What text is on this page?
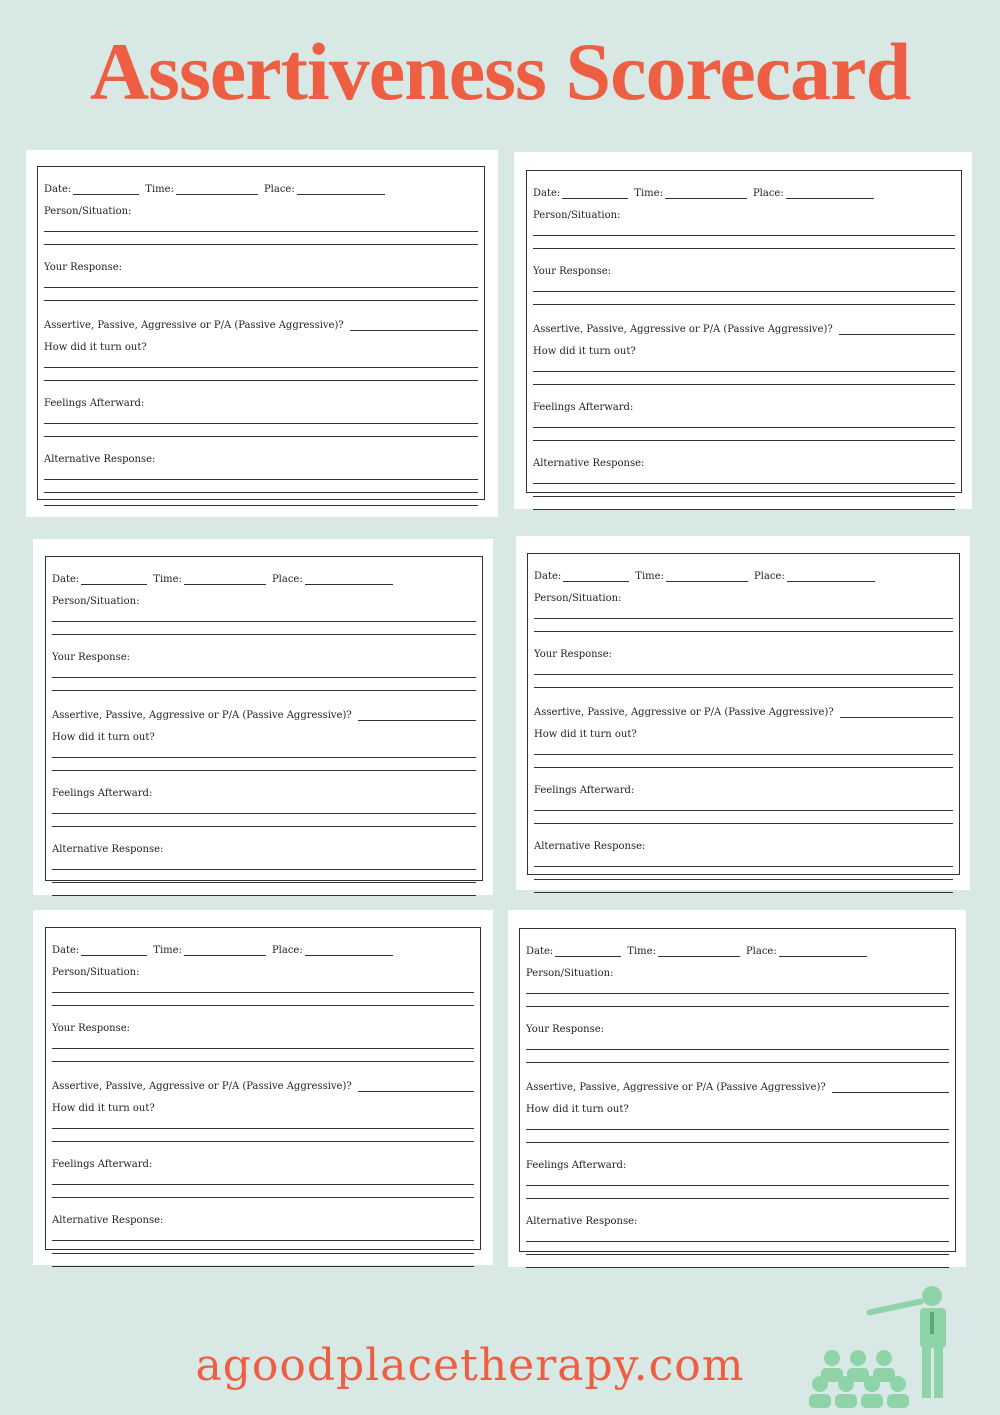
Assertiveness Scorecard
Date:	Time:	Place:
Person/Situation:
Your Response:
Assertive, Passive, Aggressive or P/A (Passive Aggressive)?
How did it turn out?
Feelings Afterward:
Alternative Response:
Date:	Time:	Place:
Person/Situation:
Your Response:
Assertive, Passive, Aggressive or P/A (Passive Aggressive)?
How did it turn out?
Feelings Afterward:
Alternative Response:
Date:	Time:	Place:
Person/Situation:
Your Response:
Assertive, Passive, Aggressive or P/A (Passive Aggressive)?
How did it turn out?
Feelings Afterward:
Alternative Response:
Date:	Time:	Place:
Person/Situation:
Your Response:
Assertive, Passive, Aggressive or P/A (Passive Aggressive)?
How did it turn out?
Feelings Afterward:
Alternative Response:
Date:	Time:	Place:
Person/Situation:
Your Response:
Assertive, Passive, Aggressive or P/A (Passive Aggressive)?
How did it turn out?
Feelings Afterward:
Alternative Response:
Date:	Time:	Place:
Person/Situation:
Your Response:
Assertive, Passive, Aggressive or P/A (Passive Aggressive)?
How did it turn out?
Feelings Afterward:
Alternative Response:
agoodplacetherapy.com
